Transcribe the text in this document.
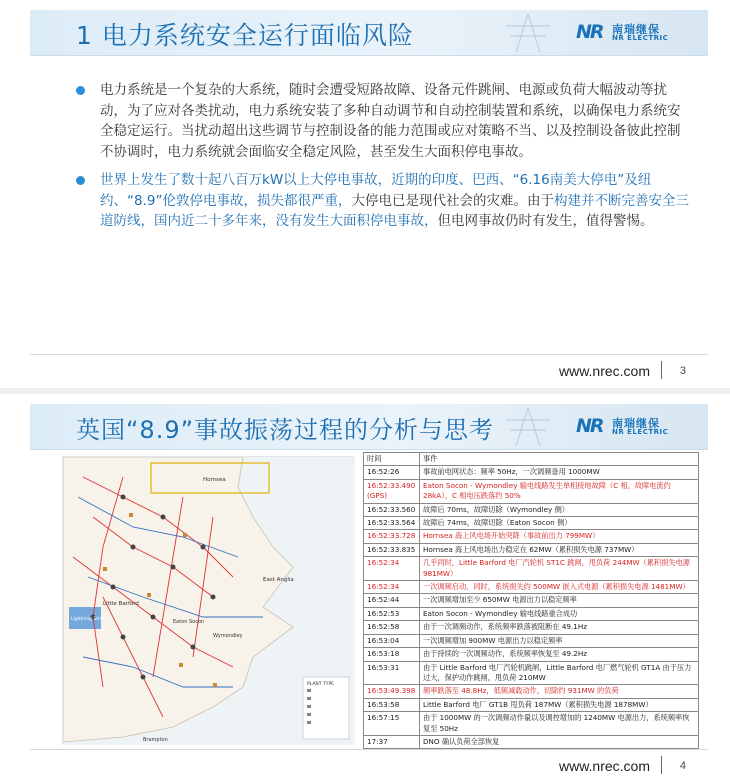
1 电力系统安全运行面临风险	NR 南瑞继保
NR ELECTRIC
电力系统是一个复杂的大系统，随时会遭受短路故障、设备元件跳闸、电源或负荷大幅波动等扰动，为了应对各类扰动，电力系统安装了多种自动调节和自动控制装置和系统，以确保电力系统安全稳定运行。当扰动超出这些调节与控制设备的能力范围或应对策略不当、以及控制设备彼此控制不协调时，电力系统就会面临安全稳定风险，甚至发生大面积停电事故。
世界上发生了数十起八百万kW以上大停电事故，近期的印度、巴西、“6.16南美大停电”及纽约、“8.9”伦敦停电事故，损失都很严重，大停电已是现代社会的灾难。由于构建并不断完善安全三道防线，国内近二十多年来，没有发生大面积停电事故，但电网事故仍时有发生，值得警惕。
www.nrec.com	3
英国“8.9”事故振荡过程的分析与思考	NR 南瑞继保
NR ELECTRIC
PLANT TYPE
Hornsea
East Anglia
Little Barford
Lightning Strike	Eaton Socon
Wymondley
Brampton
时间	事件
16:52:26	事故前电网状态：频率 50Hz，一次调频备用 1000MW
16:52:33.490
(GPS)	Eaton Socon - Wymondley 输电线路发生单相接地故障（C 相，故障电流约 28kA），C 相电压跌落约 50%
16:52:33.560	故障后 70ms，故障切除（Wymondley 侧）
16:52:33.564	故障后 74ms，故障切除（Eaton Socon 侧）
16:52:33.728	Hornsea 海上风电场开始突降（事故前出力 799MW）
16:52:33.835	Hornsea 海上风电场出力稳定在 62MW（累积损失电源 737MW）
16:52:34	几乎同时，Little Barford 电厂汽轮机 ST1C 跳闸，甩负荷 244MW（累积损失电源 981MW）
16:52:34	一次调频启动，同时，系统损失约 500MW 嵌入式电源（累积损失电源 1481MW）
16:52:44	一次调频增加至少 650MW 电源出力以稳定频率
16:52:53	Eaton Socon - Wymondley 输电线路重合成功
16:52:58	由于一次调频动作，系统频率跌落被阻断在 49.1Hz
16:53:04	一次调频增加 900MW 电源出力以稳定频率
16:53:18	由于持续的一次调频动作，系统频率恢复至 49.2Hz
16:53:31	由于 Little Barford 电厂汽轮机跳闸，Little Barford 电厂燃气轮机 GT1A 由于压力过大，保护动作跳闸，甩负荷 210MW
16:53:49.398	频率跌落至 48.8Hz，低频减载动作，切除约 931MW 的负荷
16:53:58	Little Barford 电厂 GT1B 甩负荷 187MW（累积损失电源 1878MW）
16:57:15	由于 1000MW 的一次调频动作量以及调控增加的 1240MW 电源出力，系统频率恢复至 50Hz
17:37	DNO 确认负荷全部恢复
www.nrec.com	4
